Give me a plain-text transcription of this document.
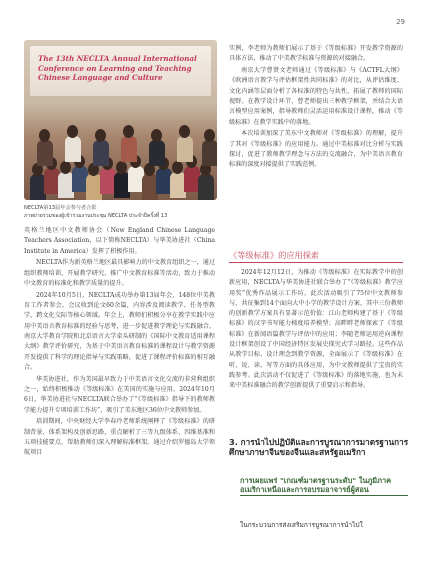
29
The 13th NECLTA Annual International Conference on Learning and Teaching Chinese Language and Culture
NECLTA第13届年会参与者合影
ภาพถ่ายรวมของผู้เข้าร่วมงานประชุม NECLTA ประจำปีครั้งที่ 13

英格兰地区中文教师协会（New England Chinese Language Teachers Association，以下简称NECLTA）与华美协进社（China Institute in America）发挥了积极作用。

NECLTA作为新英格兰地区最具影响力的中文教育组织之一，通过组织教师培训、开展教学研究、推广中文教育标准等活动，致力于推动中文教育的标准化和教学质量的提升。

2024年10月5日，NECLTA成功举办第13届年会，148位中美教育工作者参会。会议收到论文60余篇，内容涉及阅读教学、任务型教学、跨文化交际等核心领域。年会上，教师们积极分享在教学实践中应用中美语言教育标准的经验与思考，进一步促进教学理论与实践融合。南京大学教育学院和北京语言大学牵头研制的《国际中文教育适用课程大纲》教学评价研究，为基于中美语言教育标准的课程设计与教学资源开发提供了科学的理论指导与实践策略，促进了课程评价标准的相互融合。

华美协进社，作为美国最早致力于中美语言文化交流的非营利组织之一，始终积极推动《等级标准》在美国的实施与应用。2024年10月6日，华美协进社与NECLTA联合举办了“《等级标准》指导下的教师教学能力提升专项培训工作坊”，吸引了美东地区36位中文教师参加。

培训期间，中央财经大学李春玲老师系统阐释了《等级标准》的研制背景、体系架构及创新思路，重点解析了三等九级体系、四维基准和五项技能要点，帮助教师们深入理解标准框架。通过介绍罗德岛大学领航项目

实例，李老师为教师们展示了基于《等级标准》开发教学资源的具体方法，推动了中美教学标准与资源的对接融合。

南京大学曹贤文老师通过《等级标准》与《ACTFL大纲》《欧洲语言教学与评估框架性共同标准》的对比，从评估维度、文化内涵等层面分析了各标准的特色与共性，拓展了教师的国际视野。在教学设计环节，曹老师提出三种教学框架，并结合大语言模型应用案例，指导教师们灵活运用标准设计课程，推动《等级标准》在教学实践中的落地。

本次培训加深了美东中文教师对《等级标准》的理解，提升了其对《等级标准》的应用能力。通过中美标准对比分析与实践探讨，促进了教师教学理念与方法的交流融合，为中美语言教育标准的深度对接提供了实践范例。

《等级标准》的应用探索

2024年12月12日，为推动《等级标准》在实际教学中的创新应用，NECLTA与华美协进社联合举办了“《等级标准》教学应用奖”优秀作品展示工作坊。此次活动吸引了75位中文教师参与，共征集到14个面向大中小学的教学设计方案，其中三份教师的创新教学方案具有显著示范价值：江山老师构建了基于《等级标准》的汉字书写能力梯度培养模型；高畔畔老师探索了《等级标准》在新闻语篇教学与评估中的应用；李随老师运用逆向课程设计框架创设了中国经济特区发展史探究式学习路径。这些作品从教学目标、设计理念到教学资源，全面展示了《等级标准》在听、说、读、写等方面的具体应用，为中文教师提供了宝贵的实践参考。此次活动不仅促进了《等级标准》的落地实施，也为未来中美标准融合的教学创新提供了重要启示和指导。

3. การนำไปปฏิบัติและการบูรณาการมาตรฐานการศึกษาภาษาจีนของจีนและสหรัฐอเมริกา
การเผยแพร่ "เกณฑ์มาตรฐานระดับ" ในภูมิภาคอเมริกาเหนือและการอบรมอาจารย์ผู้สอน
ในกระบวนการส่งเสริมการบูรณาการนำไปใ
